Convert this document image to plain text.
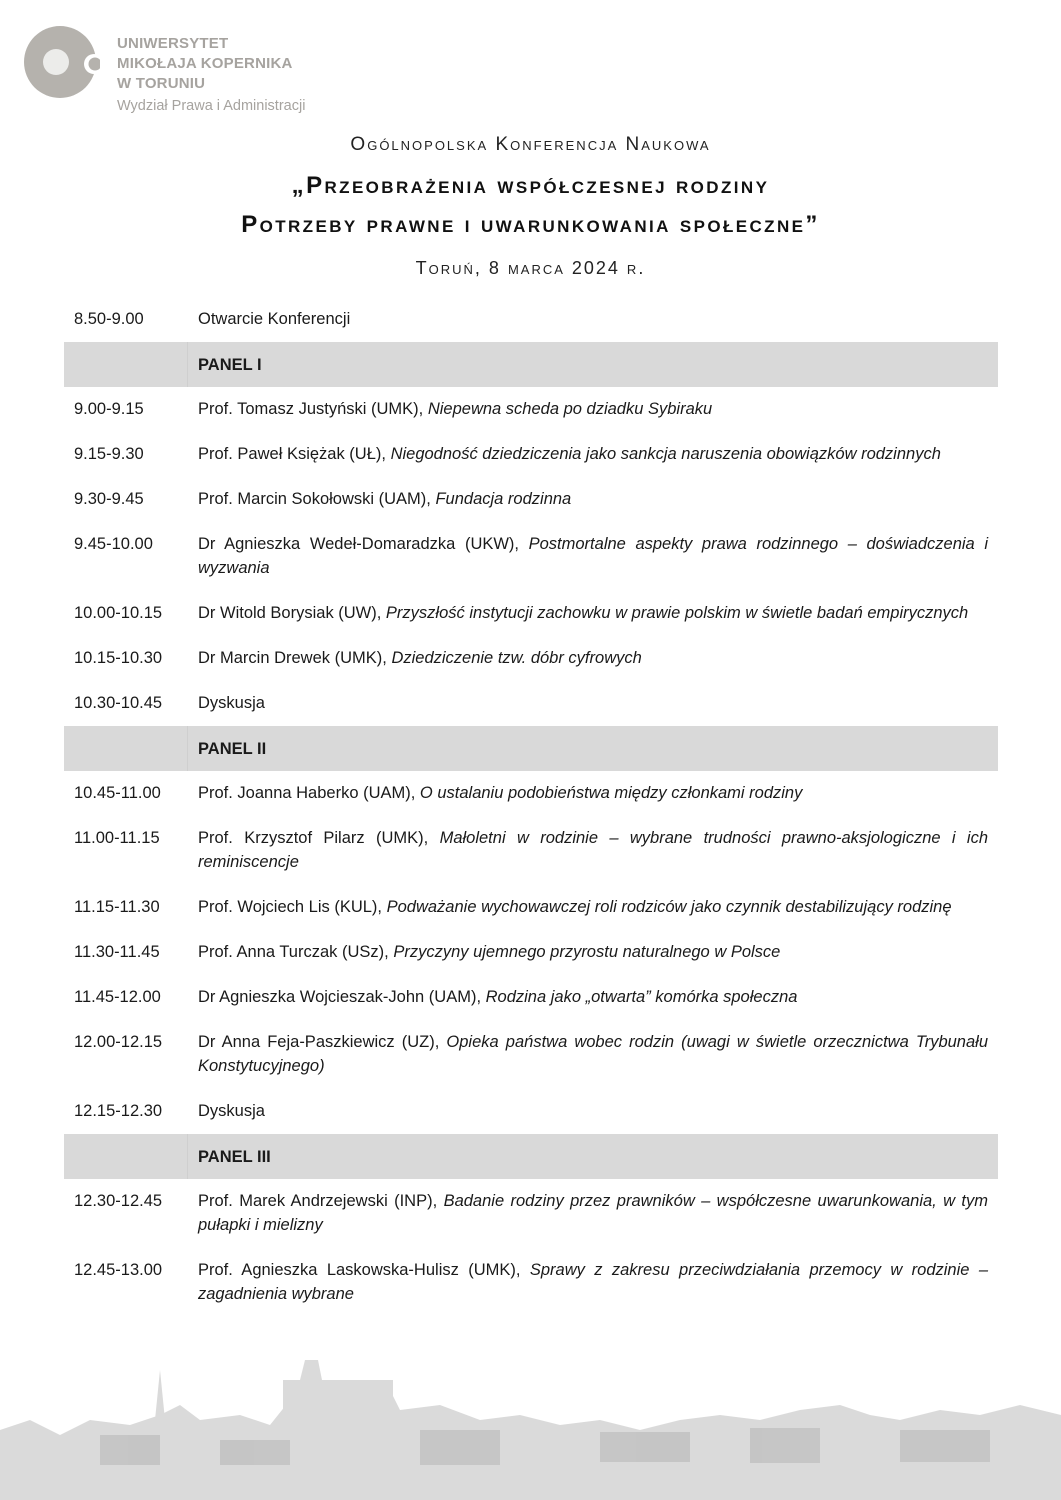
UNIWERSYTET
MIKOŁAJA KOPERNIKA
W TORUNIU
Wydział Prawa i Administracji
Ogólnopolska Konferencja Naukowa
„Przeobrażenia współczesnej rodziny
Potrzeby prawne i uwarunkowania społeczne”
Toruń, 8 marca 2024 r.
8.50-9.00	Otwarcie Konferencji
PANEL I
9.00-9.15	Prof. Tomasz Justyński (UMK), Niepewna scheda po dziadku Sybiraku
9.15-9.30	Prof. Paweł Księżak (UŁ), Niegodność dziedziczenia jako sankcja naruszenia obowiązków rodzinnych
9.30-9.45	Prof. Marcin Sokołowski (UAM), Fundacja rodzinna
9.45-10.00	Dr Agnieszka Wedeł-Domaradzka (UKW), Postmortalne aspekty prawa rodzinnego – doświadczenia i wyzwania
10.00-10.15	Dr Witold Borysiak (UW), Przyszłość instytucji zachowku w prawie polskim w świetle badań empirycznych
10.15-10.30	Dr Marcin Drewek (UMK), Dziedziczenie tzw. dóbr cyfrowych
10.30-10.45	Dyskusja
PANEL II
10.45-11.00	Prof. Joanna Haberko (UAM), O ustalaniu podobieństwa między członkami rodziny
11.00-11.15	Prof. Krzysztof Pilarz (UMK), Małoletni w rodzinie – wybrane trudności prawno-aksjologiczne i ich reminiscencje
11.15-11.30	Prof. Wojciech Lis (KUL), Podważanie wychowawczej roli rodziców jako czynnik destabilizujący rodzinę
11.30-11.45	Prof. Anna Turczak (USz), Przyczyny ujemnego przyrostu naturalnego w Polsce
11.45-12.00	Dr Agnieszka Wojcieszak-John (UAM), Rodzina jako „otwarta” komórka społeczna
12.00-12.15	Dr Anna Feja-Paszkiewicz (UZ), Opieka państwa wobec rodzin (uwagi w świetle orzecznictwa Trybunału Konstytucyjnego)
12.15-12.30	Dyskusja
PANEL III
12.30-12.45	Prof. Marek Andrzejewski (INP), Badanie rodziny przez prawników – współczesne uwarunkowania, w tym pułapki i mielizny
12.45-13.00	Prof. Agnieszka Laskowska-Hulisz (UMK), Sprawy z zakresu przeciwdziałania przemocy w rodzinie – zagadnienia wybrane
